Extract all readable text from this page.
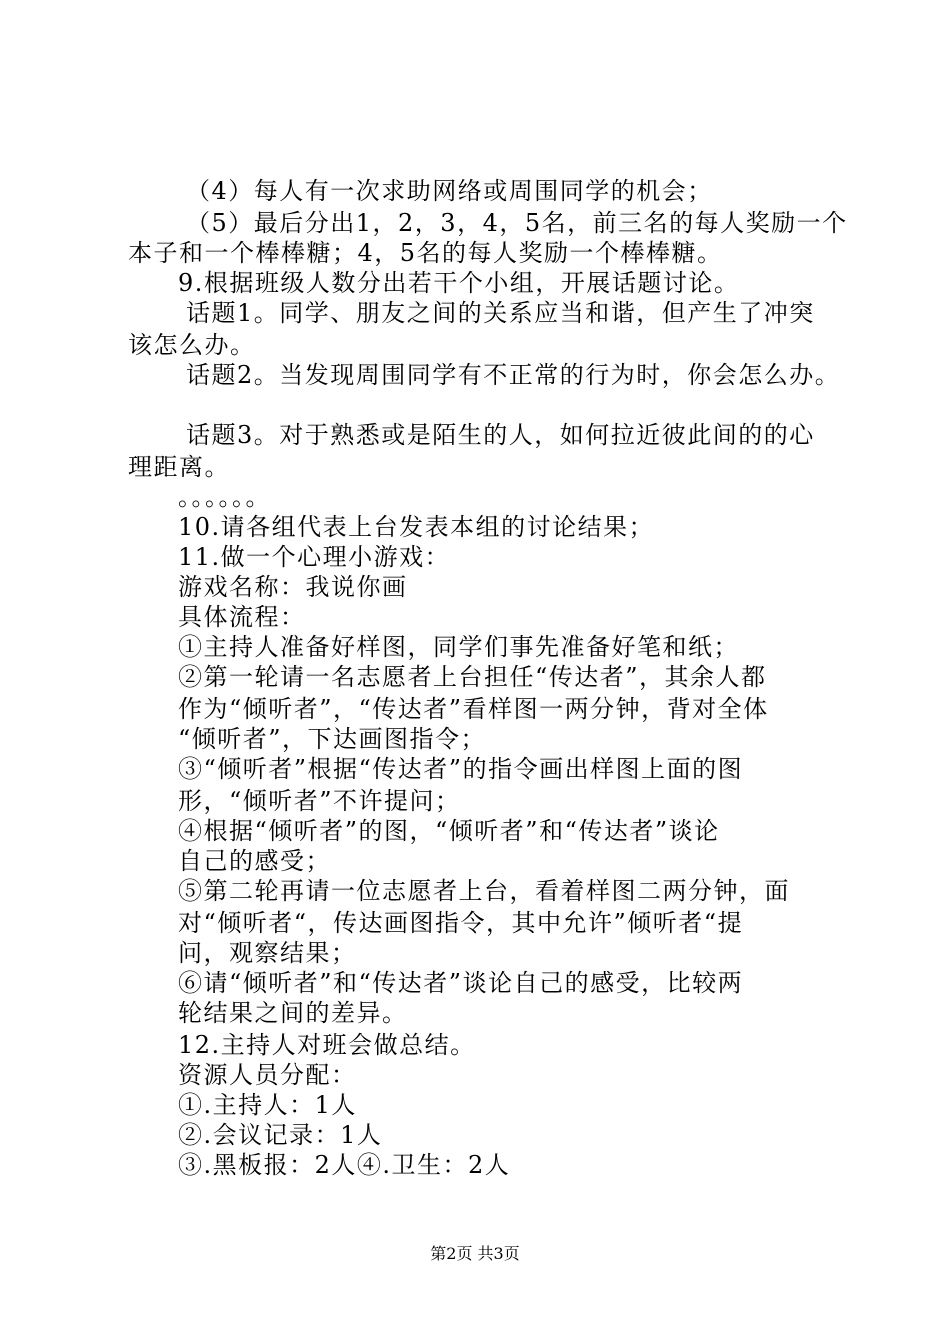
（4）每人有一次求助网络或周围同学的机会；
（5）最后分出1，2，3，4，5名，前三名的每人奖励一个
本子和一个棒棒糖；4，5名的每人奖励一个棒棒糖。
9.根据班级人数分出若干个小组，开展话题讨论。
话题1。同学、朋友之间的关系应当和谐，但产生了冲突
该怎么办。
话题2。当发现周围同学有不正常的行为时，你会怎么办。
话题3。对于熟悉或是陌生的人，如何拉近彼此间的的心
理距离。
。。。。。。
10.请各组代表上台发表本组的讨论结果；
11.做一个心理小游戏：
游戏名称：我说你画
具体流程：
①主持人准备好样图，同学们事先准备好笔和纸；
②第一轮请一名志愿者上台担任“传达者”，其余人都
作为“倾听者”，“传达者”看样图一两分钟，背对全体
“倾听者”，下达画图指令；
③“倾听者”根据“传达者”的指令画出样图上面的图
形，“倾听者”不许提问；
④根据“倾听者”的图，“倾听者”和“传达者”谈论
自己的感受；
⑤第二轮再请一位志愿者上台，看着样图二两分钟，面
对“倾听者“，传达画图指令，其中允许”倾听者“提
问，观察结果；
⑥请“倾听者”和“传达者”谈论自己的感受，比较两
轮结果之间的差异。
12.主持人对班会做总结。
资源人员分配：
①.主持人：1人
②.会议记录：1人
③.黑板报：2人④.卫生：2人
第2页 共3页
